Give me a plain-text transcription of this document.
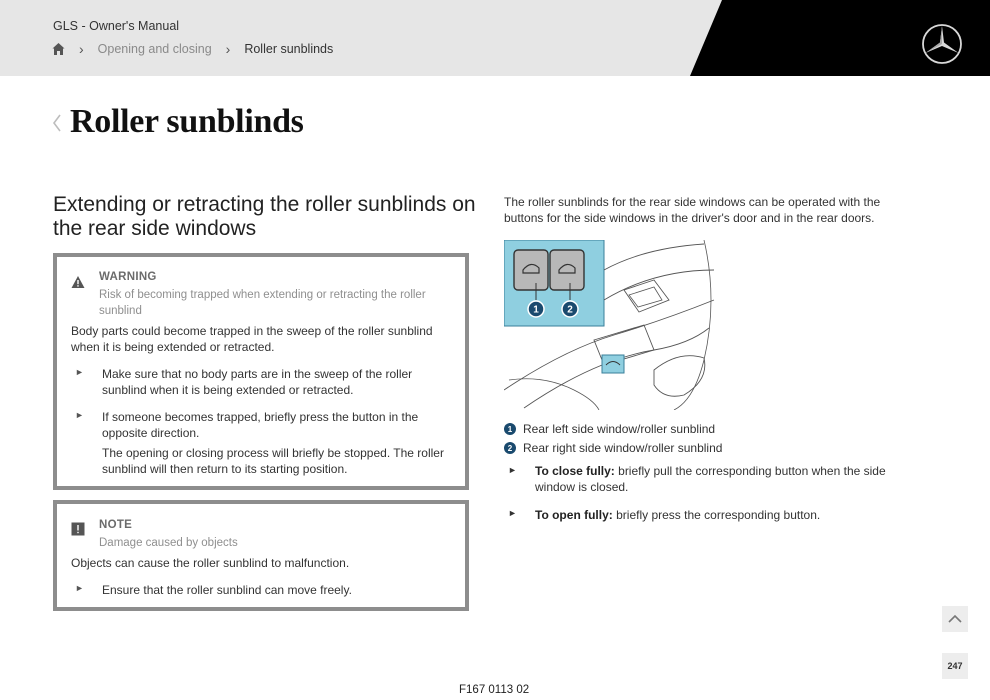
GLS - Owner's Manual
› Opening and closing › Roller sunblinds
Roller sunblinds
Extending or retracting the roller sunblinds on the rear side windows
WARNING
Risk of becoming trapped when extending or retracting the roller sunblind
Body parts could become trapped in the sweep of the roller sunblind when it is being extended or retracted.
► Make sure that no body parts are in the sweep of the roller sunblind when it is being extended or retracted.
► If someone becomes trapped, briefly press the button in the opposite direction.
The opening or closing process will briefly be stopped. The roller sunblind will then return to its starting position.
NOTE
Damage caused by objects
Objects can cause the roller sunblind to malfunction.
► Ensure that the roller sunblind can move freely.
The roller sunblinds for the rear side windows can be operated with the buttons for the side windows in the driver's door and in the rear doors.
1	2
1 Rear left side window/roller sunblind
2 Rear right side window/roller sunblind
► To close fully: briefly pull the corresponding button when the side window is closed.
► To open fully: briefly press the corresponding button.
247
F167 0113 02
